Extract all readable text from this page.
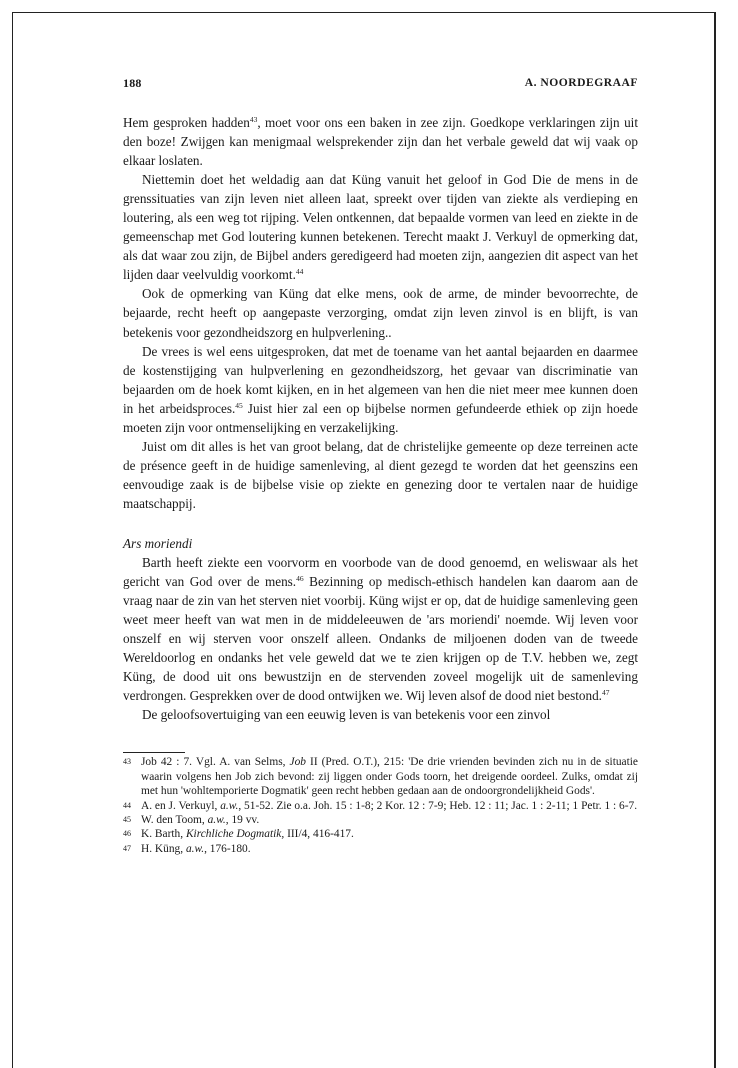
188	A. NOORDEGRAAF

Hem gesproken hadden$^{43}$, moet voor ons een baken in zee zijn. Goedkope verklaringen zijn uit den boze! Zwijgen kan menigmaal welsprekender zijn dan het verbale geweld dat wij vaak op elkaar loslaten.

Niettemin doet het weldadig aan dat Küng vanuit het geloof in God Die de mens in de grenssituaties van zijn leven niet alleen laat, spreekt over tijden van ziekte als verdieping en loutering, als een weg tot rijping. Velen ontkennen, dat bepaalde vormen van leed en ziekte in de gemeenschap met God loutering kunnen betekenen. Terecht maakt J. Verkuyl de opmerking dat, als dat waar zou zijn, de Bijbel anders geredigeerd had moeten zijn, aangezien dit aspect van het lijden daar veelvuldig voorkomt.$^{44}$

Ook de opmerking van Küng dat elke mens, ook de arme, de minder bevoorrechte, de bejaarde, recht heeft op aangepaste verzorging, omdat zijn leven zinvol is en blijft, is van betekenis voor gezondheidszorg en hulpverlening..

De vrees is wel eens uitgesproken, dat met de toename van het aantal bejaarden en daarmee de kostenstijging van hulpverlening en gezondheidszorg, het gevaar van discriminatie van bejaarden om de hoek komt kijken, en in het algemeen van hen die niet meer mee kunnen doen in het arbeidsproces.$^{45}$ Juist hier zal een op bijbelse normen gefundeerde ethiek op zijn hoede moeten zijn voor ontmenselijking en verzakelijking.

Juist om dit alles is het van groot belang, dat de christelijke gemeente op deze terreinen acte de présence geeft in de huidige samenleving, al dient gezegd te worden dat het geenszins een eenvoudige zaak is de bijbelse visie op ziekte en genezing door te vertalen naar de huidige maatschappij.

Ars moriendi

Barth heeft ziekte een voorvorm en voorbode van de dood genoemd, en weliswaar als het gericht van God over de mens.$^{46}$ Bezinning op medisch-ethisch handelen kan daarom aan de vraag naar de zin van het sterven niet voorbij. Küng wijst er op, dat de huidige samenleving geen weet meer heeft van wat men in de middeleeuwen de 'ars moriendi' noemde. Wij leven voor onszelf en wij sterven voor onszelf alleen. Ondanks de miljoenen doden van de tweede Wereldoorlog en ondanks het vele geweld dat we te zien krijgen op de T.V. hebben we, zegt Küng, de dood uit ons bewustzijn en de stervenden zoveel mogelijk uit de samenleving verdrongen. Gesprekken over de dood ontwijken we. Wij leven alsof de dood niet bestond.$^{47}$

De geloofsovertuiging van een eeuwig leven is van betekenis voor een zinvol

43 Job 42 : 7. Vgl. A. van Selms, Job II (Pred. O.T.), 215: 'De drie vrienden bevinden zich nu in de situatie waarin volgens hen Job zich bevond: zij liggen onder Gods toorn, het dreigende oordeel. Zulks, omdat zij met hun 'wohltemporierte Dogmatik' geen recht hebben gedaan aan de ondoorgrondelijkheid Gods'.
44 A. en J. Verkuyl, a.w., 51-52. Zie o.a. Joh. 15 : 1-8; 2 Kor. 12 : 7-9; Heb. 12 : 11; Jac. 1 : 2-11; 1 Petr. 1 : 6-7.
45 W. den Toom, a.w., 19 vv.
46 K. Barth, Kirchliche Dogmatik, III/4, 416-417.
47 H. Küng, a.w., 176-180.
